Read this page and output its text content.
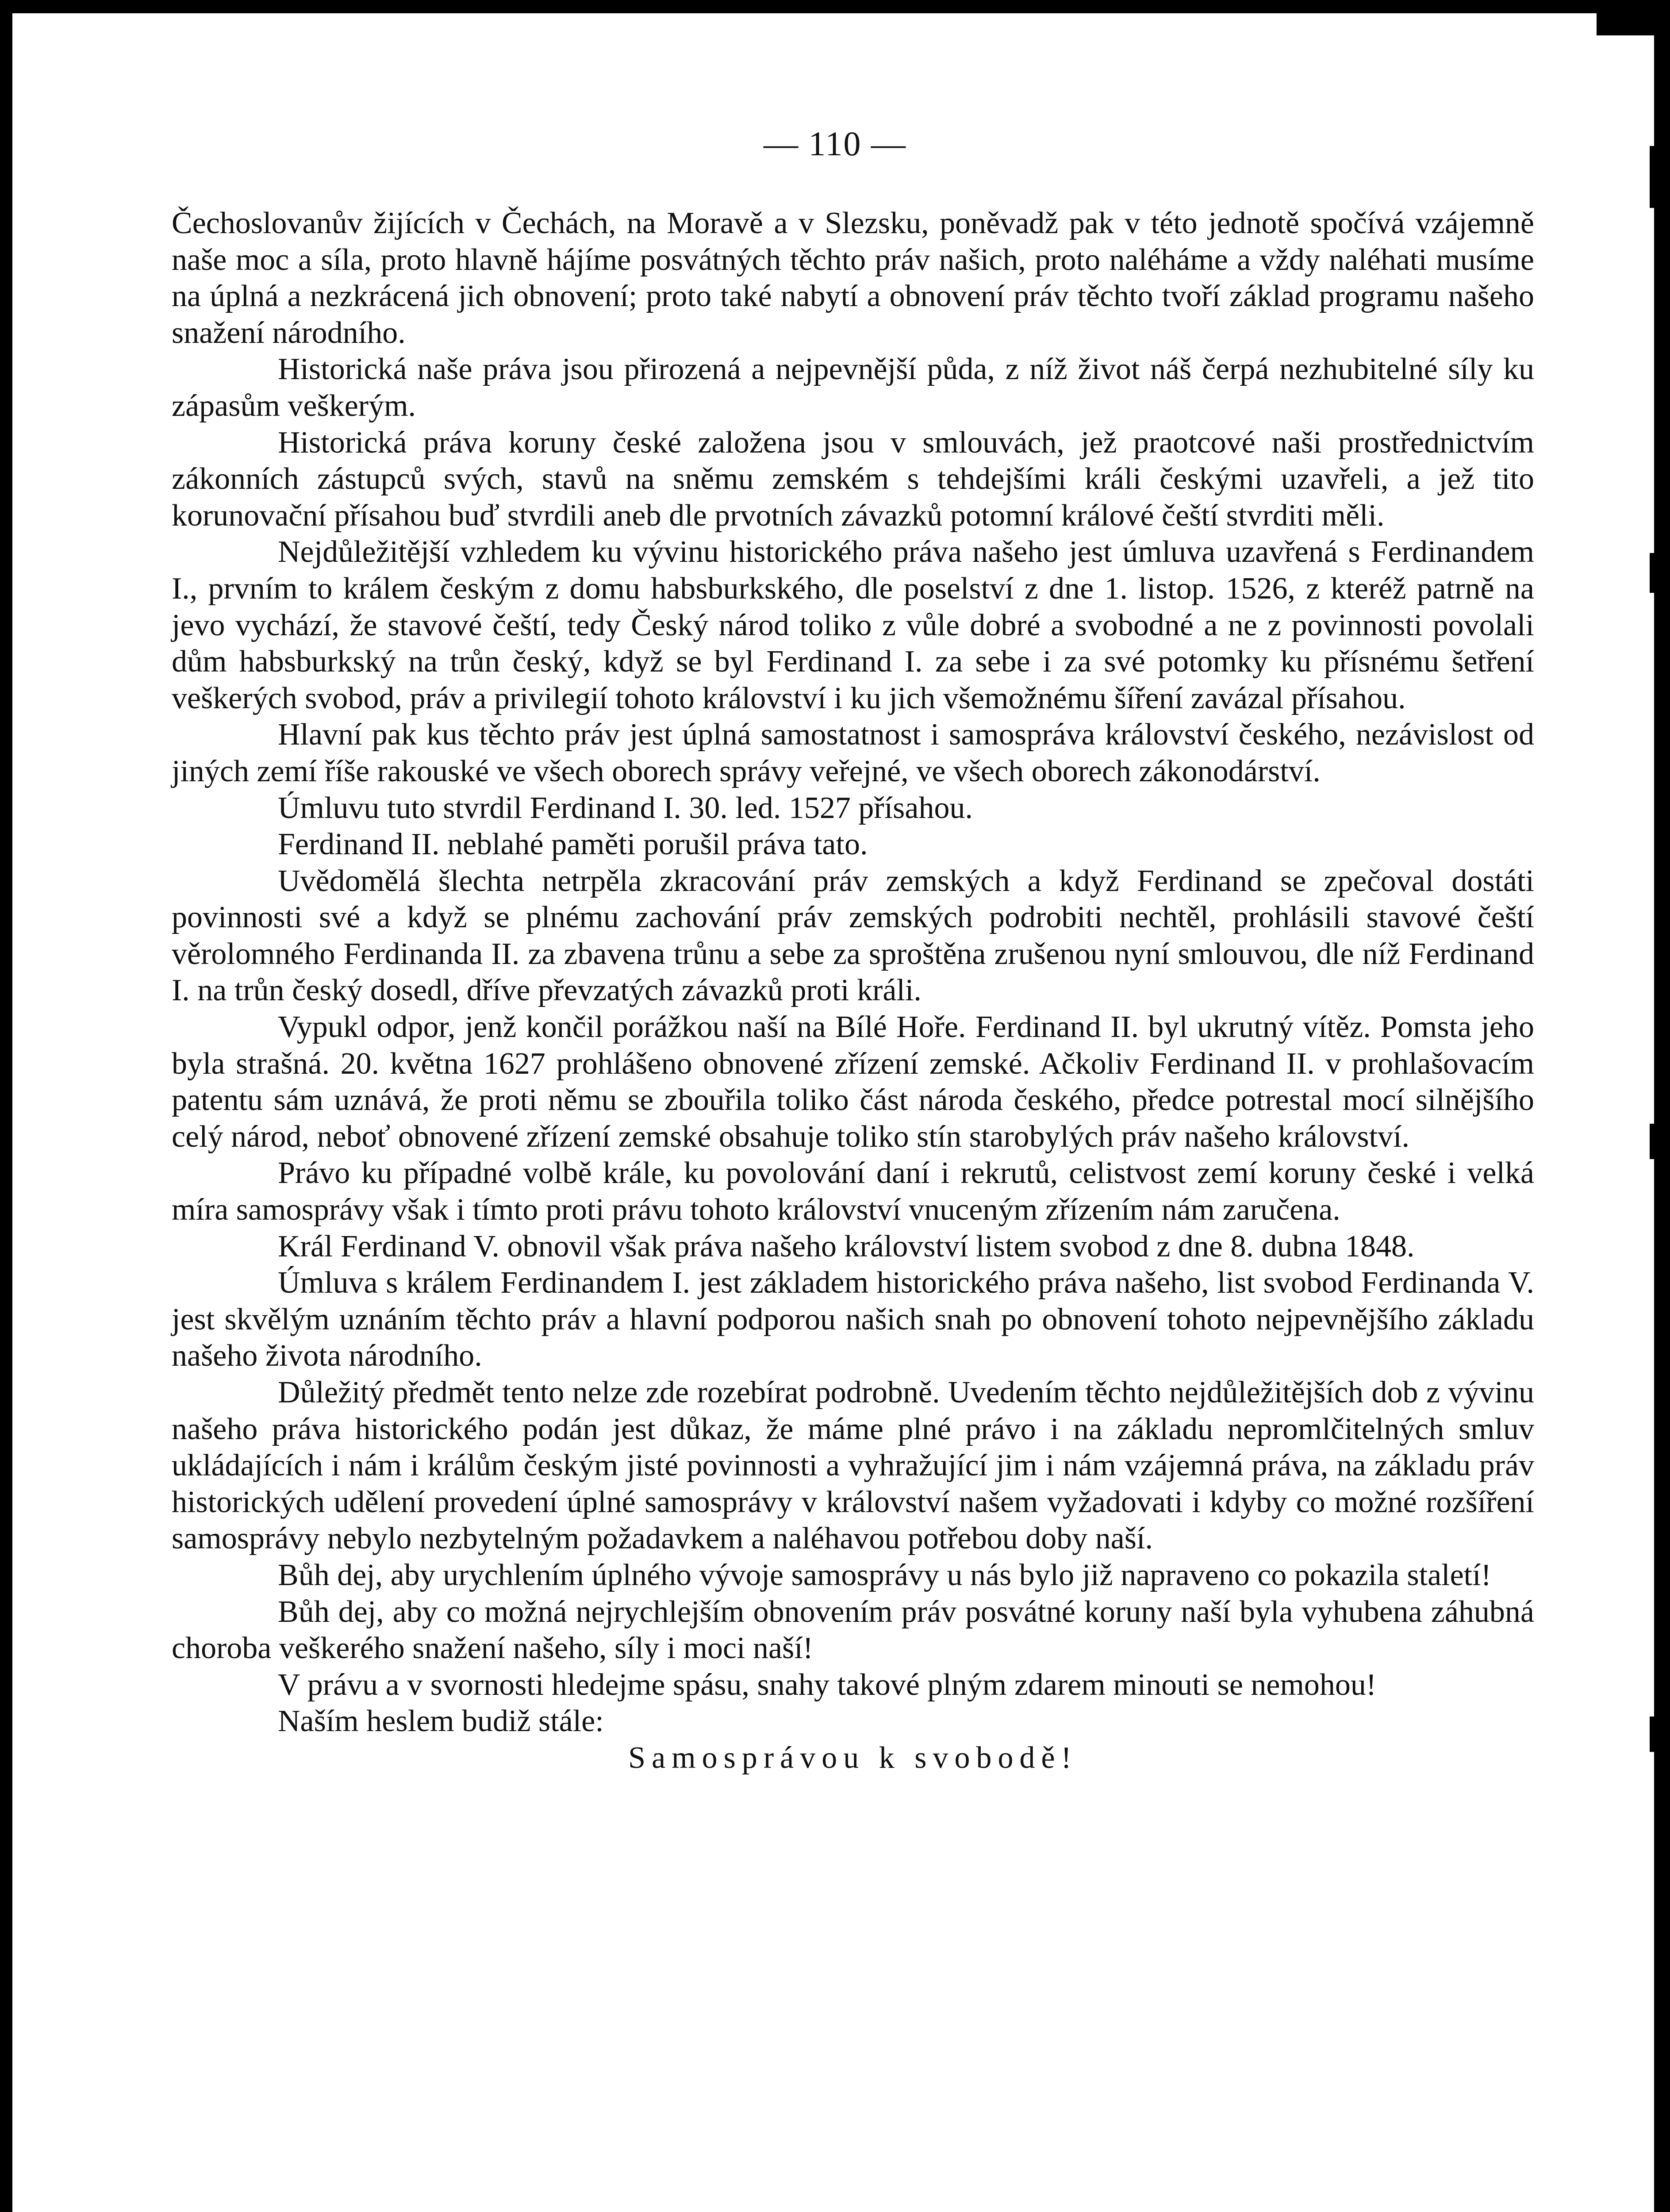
— 110 —

Čechoslovanův žijících v Čechách, na Moravě a v Slezsku, poněvadž pak v této jednotě spočívá vzájemně naše moc a síla, proto hlavně hájíme posvátných těchto práv našich, proto naléháme a vždy naléhati musíme na úplná a nezkrácená jich obnovení; proto také nabytí a obnovení práv těchto tvoří základ programu našeho snažení národního.

Historická naše práva jsou přirozená a nejpevnější půda, z níž život náš čerpá nezhubitelné síly ku zápasům veškerým.

Historická práva koruny české založena jsou v smlouvách, jež praotcové naši prostřednictvím zákonních zástupců svých, stavů na sněmu zemském s tehdejšími králi českými uzavřeli, a jež tito korunovační přísahou buď stvrdili aneb dle prvotních závazků potomní králové čeští stvrditi měli.

Nejdůležitější vzhledem ku vývinu historického práva našeho jest úmluva uzavřená s Ferdinandem I., prvním to králem českým z domu habsburkského, dle poselství z dne 1. listop. 1526, z kteréž patrně na jevo vychází, že stavové čeští, tedy Český národ toliko z vůle dobré a svobodné a ne z povinnosti povolali dům habsburkský na trůn český, když se byl Ferdinand I. za sebe i za své potomky ku přísnému šetření veškerých svobod, práv a privilegií tohoto království i ku jich všemožnému šíření zavázal přísahou.

Hlavní pak kus těchto práv jest úplná samostatnost i samospráva království českého, nezávislost od jiných zemí říše rakouské ve všech oborech správy veřejné, ve všech oborech zákonodárství.

Úmluvu tuto stvrdil Ferdinand I. 30. led. 1527 přísahou.

Ferdinand II. neblahé paměti porušil práva tato.

Uvědomělá šlechta netrpěla zkracování práv zemských a když Ferdinand se zpečoval dostáti povinnosti své a když se plnému zachování práv zemských podrobiti nechtěl, prohlásili stavové čeští věrolomného Ferdinanda II. za zbavena trůnu a sebe za sproštěna zrušenou nyní smlouvou, dle níž Ferdinand I. na trůn český dosedl, dříve převzatých závazků proti králi.

Vypukl odpor, jenž končil porážkou naší na Bílé Hoře. Ferdinand II. byl ukrutný vítěz. Pomsta jeho byla strašná. 20. května 1627 prohlášeno obnovené zřízení zemské. Ačkoliv Ferdinand II. v prohlašovacím patentu sám uznává, že proti němu se zbouřila toliko část národa českého, předce potrestal mocí silnějšího celý národ, neboť obnovené zřízení zemské obsahuje toliko stín starobylých práv našeho království.

Právo ku případné volbě krále, ku povolování daní i rekrutů, celistvost zemí koruny české i velká míra samosprávy však i tímto proti právu tohoto království vnuceným zřízením nám zaručena.

Král Ferdinand V. obnovil však práva našeho království listem svobod z dne 8. dubna 1848.

Úmluva s králem Ferdinandem I. jest základem historického práva našeho, list svobod Ferdinanda V. jest skvělým uznáním těchto práv a hlavní podporou našich snah po obnovení tohoto nejpevnějšího základu našeho života národního.

Důležitý předmět tento nelze zde rozebírat podrobně. Uvedením těchto nejdůležitějších dob z vývinu našeho práva historického podán jest důkaz, že máme plné právo i na základu nepromlčitelných smluv ukládajících i nám i králům českým jisté povinnosti a vyhražující jim i nám vzájemná práva, na základu práv historických udělení provedení úplné samosprávy v království našem vyžadovati i kdyby co možné rozšíření samosprávy nebylo nezbytelným požadavkem a naléhavou potřebou doby naší.

Bůh dej, aby urychlením úplného vývoje samosprávy u nás bylo již napraveno co pokazila staletí!

Bůh dej, aby co možná nejrychlejším obnovením práv posvátné koruny naší byla vyhubena záhubná choroba veškerého snažení našeho, síly i moci naší!

V právu a v svornosti hledejme spásu, snahy takové plným zdarem minouti se nemohou!

Naším heslem budiž stále:

Samosprávou k svobodě!
